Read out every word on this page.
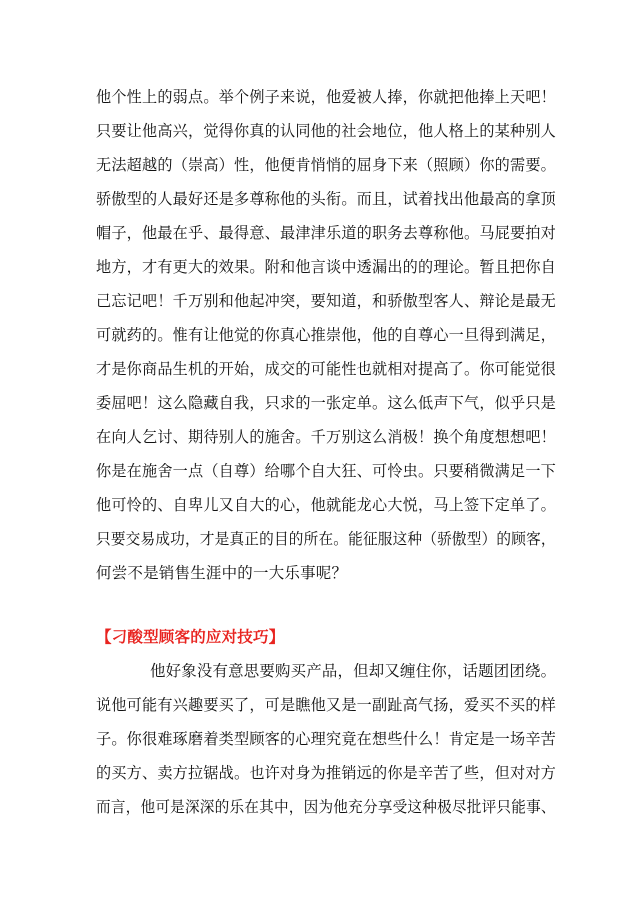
他个性上的弱点。举个例子来说，他爱被人捧，你就把他捧上天吧！
只要让他高兴，觉得你真的认同他的社会地位，他人格上的某种别人
无法超越的（崇高）性，他便肯悄悄的屈身下来（照顾）你的需要。
骄傲型的人最好还是多尊称他的头衔。而且，试着找出他最高的拿顶
帽子，他最在乎、最得意、最津津乐道的职务去尊称他。马屁要拍对
地方，才有更大的效果。附和他言谈中透漏出的的理论。暂且把你自
己忘记吧！千万别和他起冲突，要知道，和骄傲型客人、辩论是最无
可就药的。惟有让他觉的你真心推崇他，他的自尊心一旦得到满足，
才是你商品生机的开始，成交的可能性也就相对提高了。你可能觉很
委屈吧！这么隐藏自我，只求的一张定单。这么低声下气，似乎只是
在向人乞讨、期待别人的施舍。千万别这么消极！换个角度想想吧！
你是在施舍一点（自尊）给哪个自大狂、可怜虫。只要稍微满足一下
他可怜的、自卑儿又自大的心，他就能龙心大悦，马上签下定单了。
只要交易成功，才是真正的目的所在。能征服这种（骄傲型）的顾客，
何尝不是销售生涯中的一大乐事呢？
【刁酸型顾客的应对技巧】
他好象没有意思要购买产品，但却又缠住你，话题团团绕。
说他可能有兴趣要买了，可是瞧他又是一副趾高气扬，爱买不买的样
子。你很难琢磨着类型顾客的心理究竟在想些什么！肯定是一场辛苦
的买方、卖方拉锯战。也许对身为推销远的你是辛苦了些，但对对方
而言，他可是深深的乐在其中，因为他充分享受这种极尽批评只能事、
